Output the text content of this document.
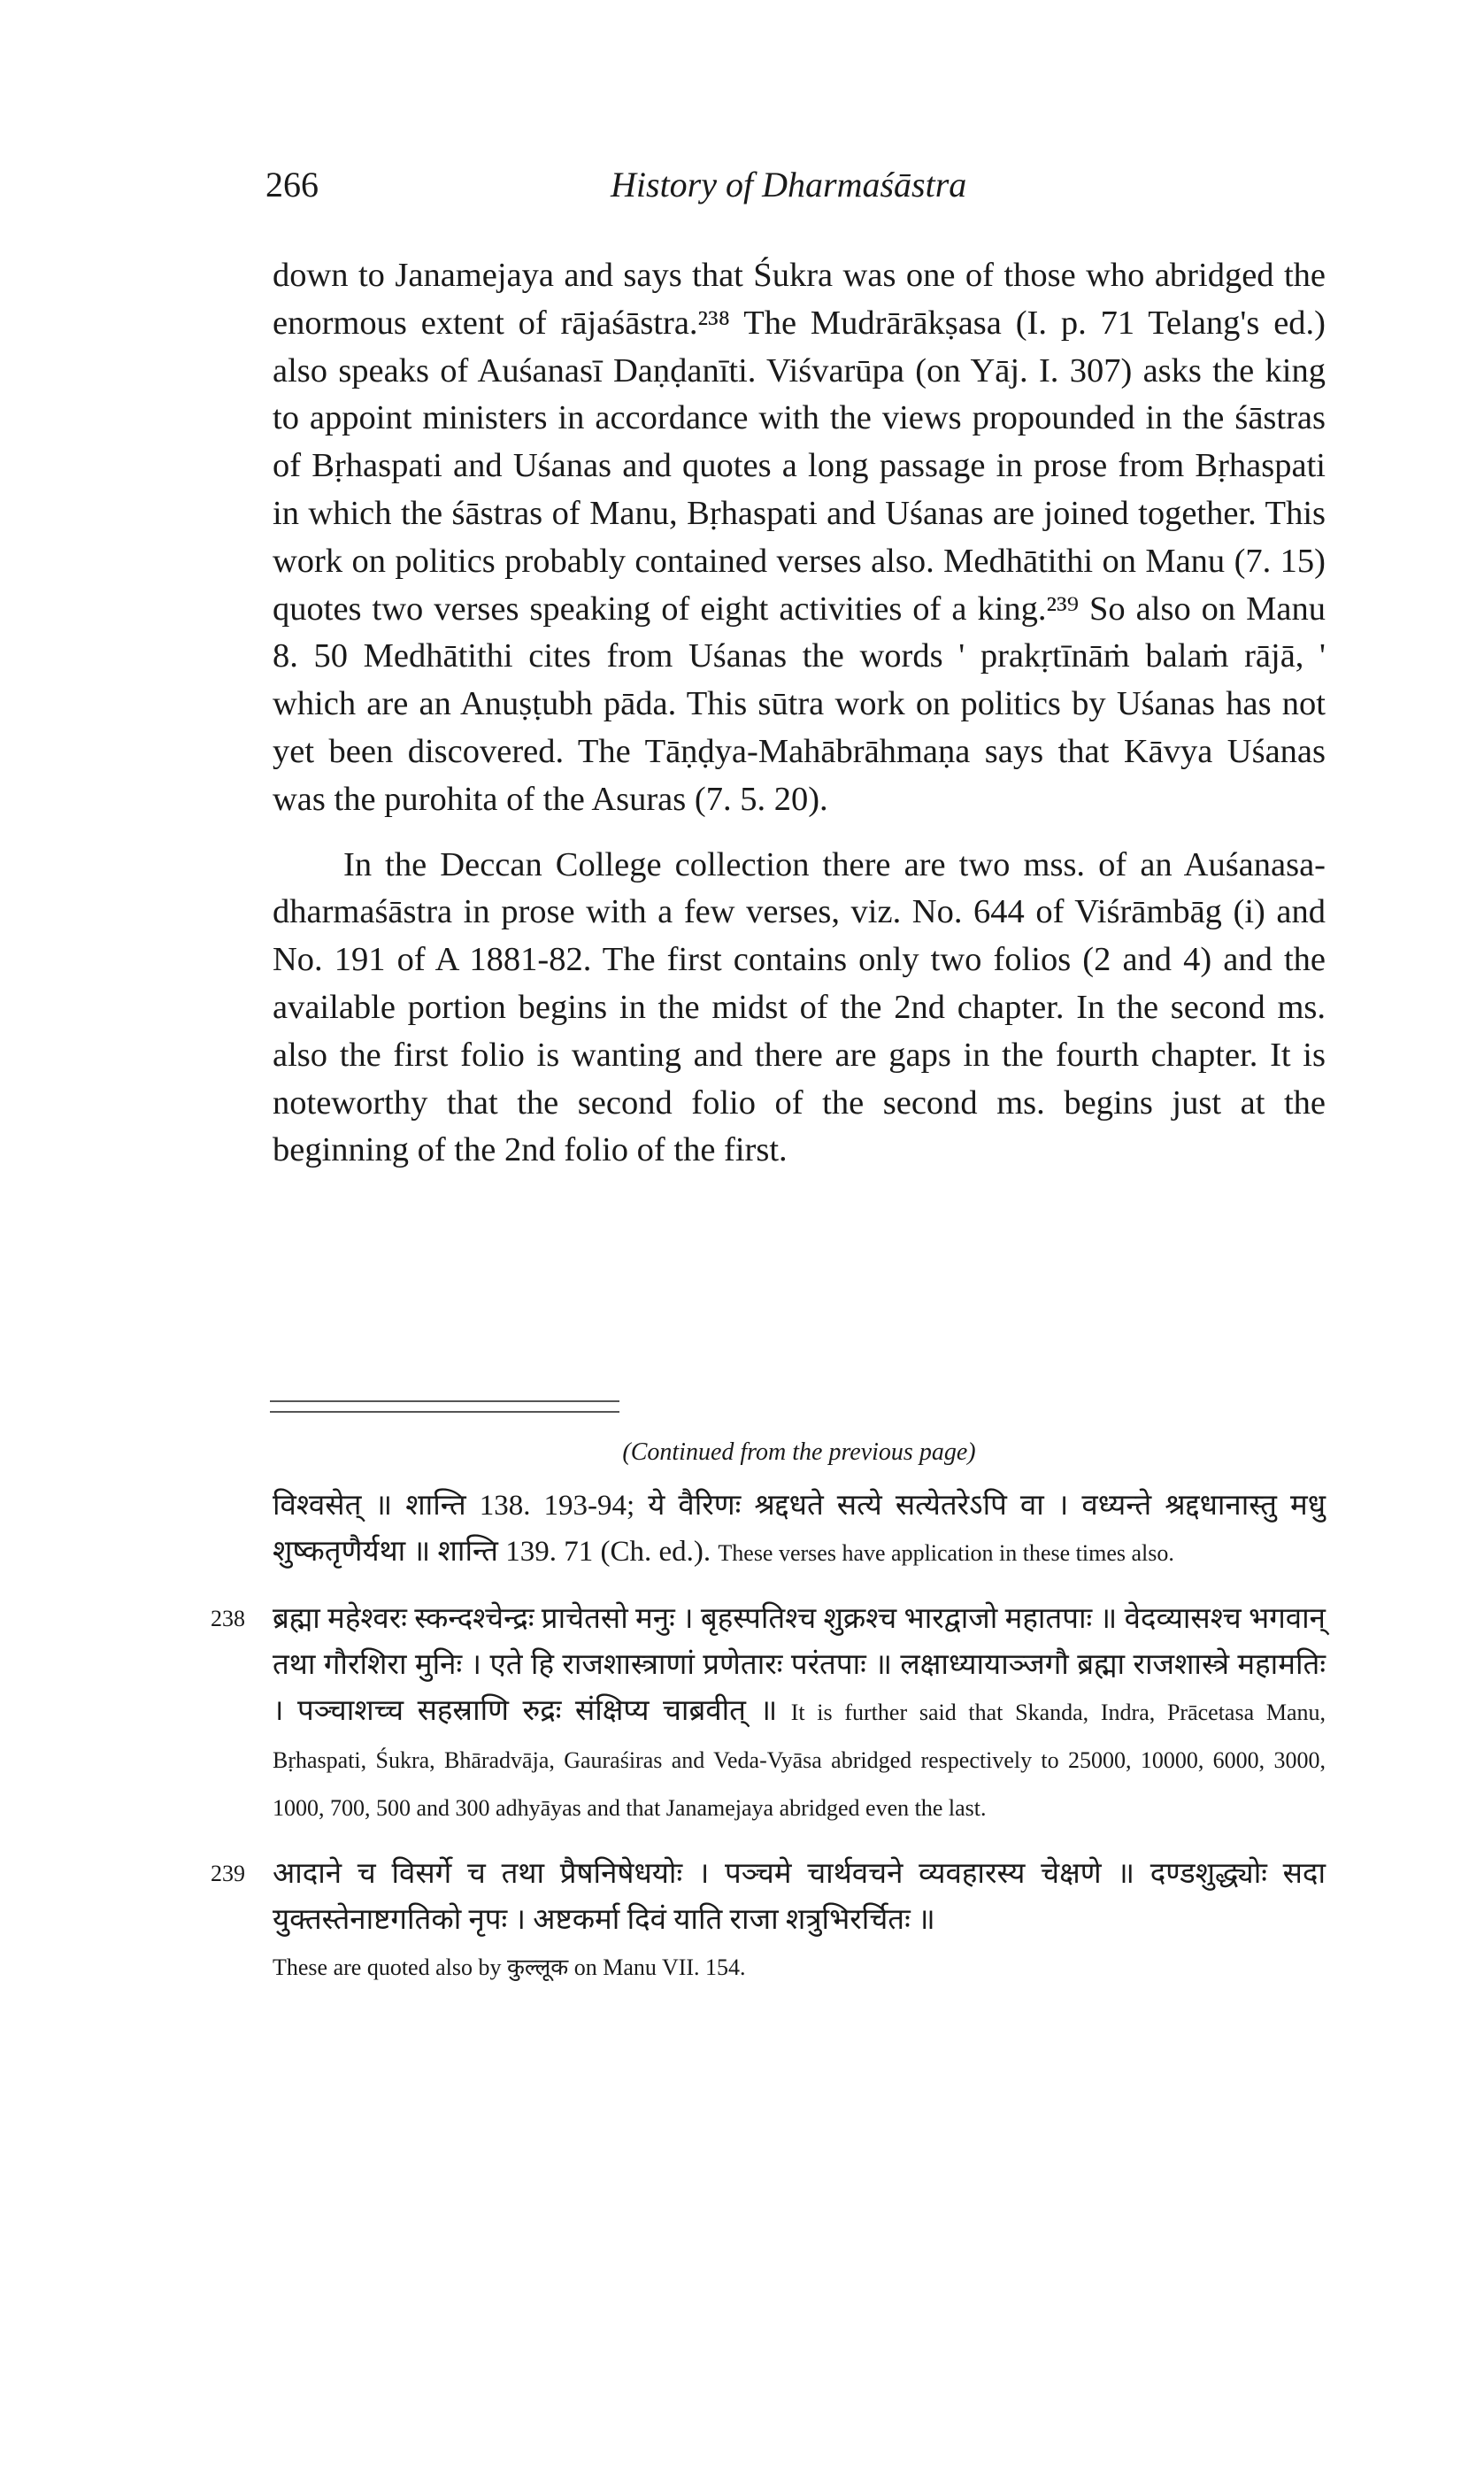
266	History of Dharmaśāstra

down to Janamejaya and says that Śukra was one of those who abridged the enormous extent of rājaśāstra.²³⁸ The Mudrārākṣasa (I. p. 71 Telang's ed.) also speaks of Auśanasī Daṇḍanīti. Viśvarūpa (on Yāj. I. 307) asks the king to appoint ministers in accordance with the views propounded in the śāstras of Bṛhaspati and Uśanas and quotes a long passage in prose from Bṛhaspati in which the śāstras of Manu, Bṛhaspati and Uśanas are joined together. This work on politics probably contained verses also. Medhātithi on Manu (7. 15) quotes two verses speaking of eight activities of a king.²³⁹ So also on Manu 8. 50 Medhātithi cites from Uśanas the words ' prakṛtīnāṁ balaṁ rājā, ' which are an Anuṣṭubh pāda. This sūtra work on politics by Uśanas has not yet been discovered. The Tāṇḍya-Mahābrāhmaṇa says that Kāvya Uśanas was the purohita of the Asuras (7. 5. 20).

In the Deccan College collection there are two mss. of an Auśanasa-dharmaśāstra in prose with a few verses, viz. No. 644 of Viśrāmbāg (i) and No. 191 of A 1881-82. The first contains only two folios (2 and 4) and the available portion begins in the midst of the 2nd chapter. In the second ms. also the first folio is wanting and there are gaps in the fourth chapter. It is noteworthy that the second folio of the second ms. begins just at the beginning of the 2nd folio of the first.

(Continued from the previous page)
विश्वसेत् ॥ शान्ति 138. 193-94; ये वैरिणः श्रद्दधते सत्ये सत्येतरेऽपि वा । वध्यन्ते श्रद्दधानास्तु मधु शुष्कतृणैर्यथा ॥ शान्ति 139. 71 (Ch. ed.). These verses have application in these times also.
238 ब्रह्मा महेश्वरः स्कन्दश्चेन्द्रः प्राचेतसो मनुः । बृहस्पतिश्च शुक्रश्च भारद्वाजो महातपाः ॥ वेदव्यासश्च भगवान् तथा गौरशिरा मुनिः । एते हि राजशास्त्राणां प्रणेतारः परंतपाः ॥ लक्षाध्यायाञ्जगौ ब्रह्मा राजशास्त्रे महामतिः । पञ्चाशच्च सहस्राणि रुद्रः संक्षिप्य चाब्रवीत् ॥ It is further said that Skanda, Indra, Prācetasa Manu, Bṛhaspati, Śukra, Bhāradvāja, Gauraśiras and Veda-Vyāsa abridged respectively to 25000, 10000, 6000, 3000, 1000, 700, 500 and 300 adhyāyas and that Janamejaya abridged even the last.
239 आदाने च विसर्गे च तथा प्रैषनिषेधयोः । पञ्चमे चार्थवचने व्यवहारस्य चेक्षणे ॥ दण्डशुद्ध्योः सदा युक्तस्तेनाष्टगतिको नृपः । अष्टकर्मा दिवं याति राजा शत्रुभिरर्चितः ॥
These are quoted also by कुल्लूक on Manu VII. 154.
